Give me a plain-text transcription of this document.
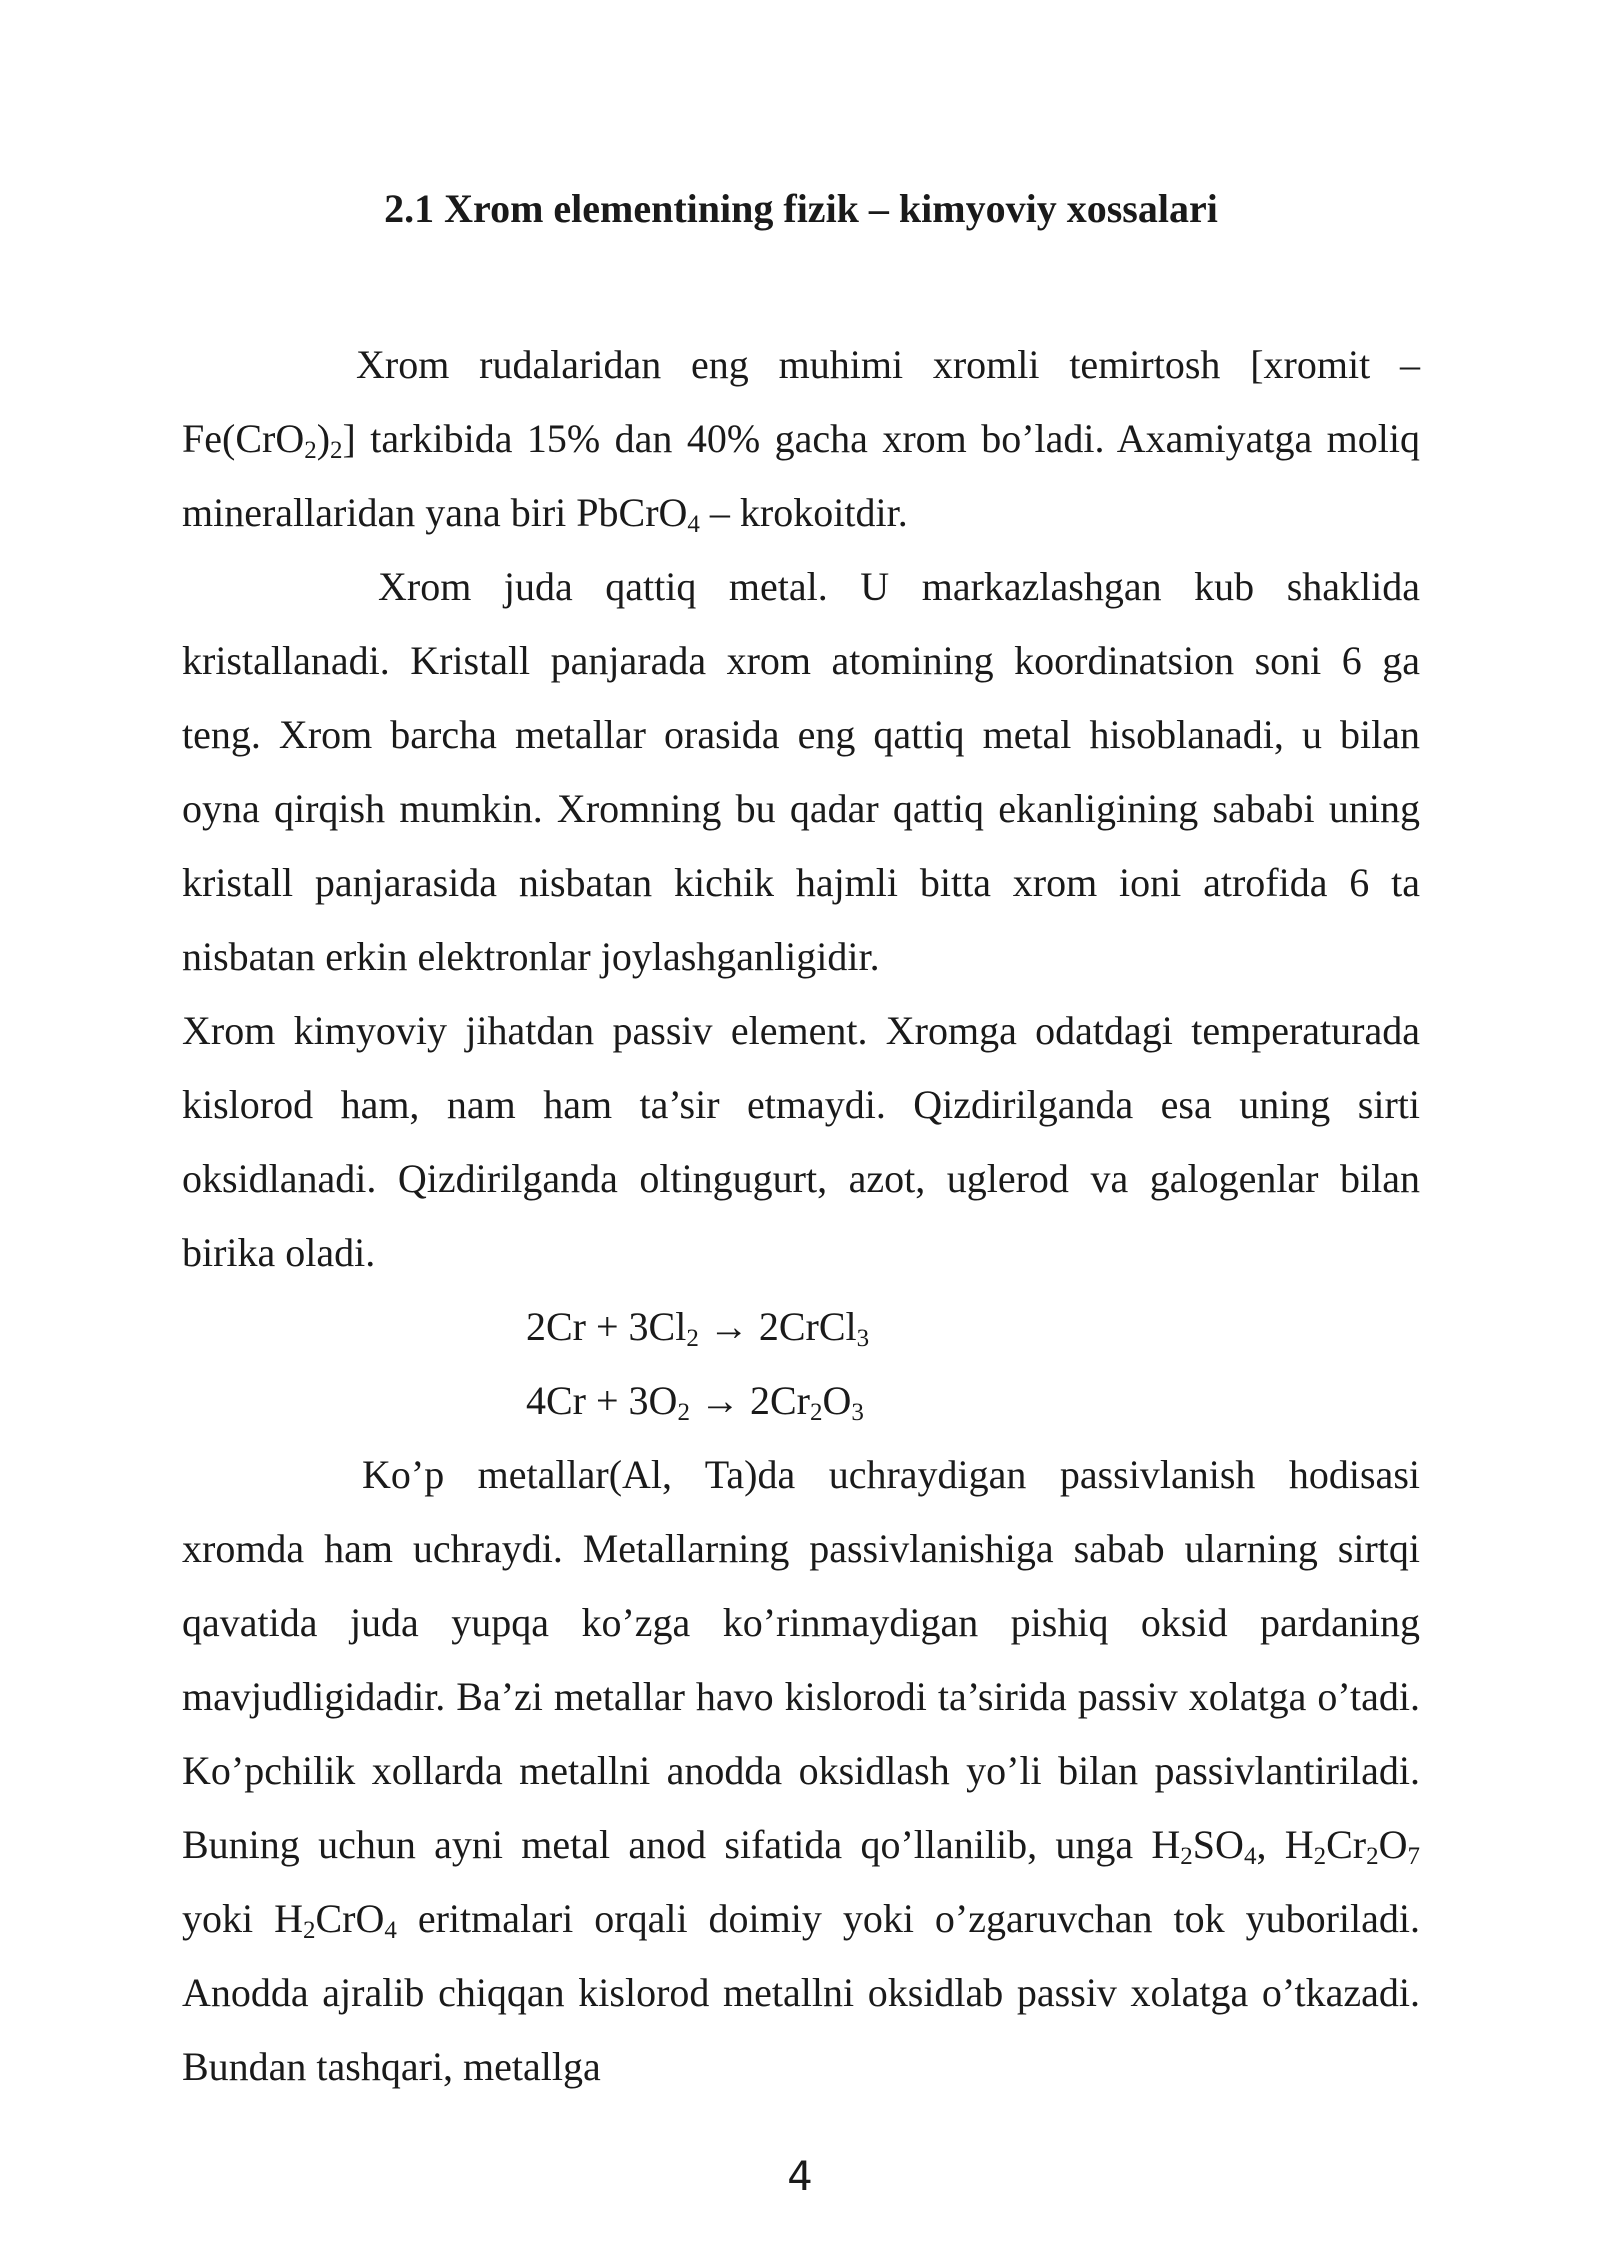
2.1 Xrom elementining fizik – kimyoviy xossalari

Xrom rudalaridan eng muhimi xromli temirtosh [xromit – $Fe(CrO_2)_2$] tarkibida 15% dan 40% gacha xrom bo’ladi. Axamiyatga moliq minerallaridan yana biri PbCrO$_4$ – krokoitdir.

Xrom juda qattiq metal. U markazlashgan kub shaklida kristallanadi. Kristall panjarada xrom atomining koordinatsion soni 6 ga teng. Xrom barcha metallar orasida eng qattiq metal hisoblanadi, u bilan oyna qirqish mumkin. Xromning bu qadar qattiq ekanligining sababi uning kristall panjarasida nisbatan kichik hajmli bitta xrom ioni atrofida 6 ta nisbatan erkin elektronlar joylashganligidir.

Xrom kimyoviy jihatdan passiv element. Xromga odatdagi temperaturada kislorod ham, nam ham ta’sir etmaydi. Qizdirilganda esa uning sirti oksidlanadi. Qizdirilganda oltingugurt, azot, uglerod va galogenlar bilan birika oladi.

$2Cr + 3Cl_2$ → 2CrCl$_3$

$4Cr + 3O_2 \to 2Cr_2O_3$

Ko’p metallar(Al, Ta)da uchraydigan passivlanish hodisasi xromda ham uchraydi. Metallarning passivlanishiga sabab ularning sirtqi qavatida juda yupqa ko’zga ko’rinmaydigan pishiq oksid pardaning mavjudligidadir. Ba’zi metallar havo kislorodi ta’sirida passiv xolatga o’tadi. Ko’pchilik xollarda metallni anodda oksidlash yo’li bilan passivlantiriladi. Buning uchun ayni metal anod sifatida qo’llanilib, unga $H_2SO_4$, $H_2Cr_2O_7$ yoki $H_2CrO_4$ eritmalari orqali doimiy yoki o’zgaruvchan tok yuboriladi. Anodda ajralib chiqqan kislorod metallni oksidlab passiv xolatga o’tkazadi. Bundan tashqari, metallga

4
